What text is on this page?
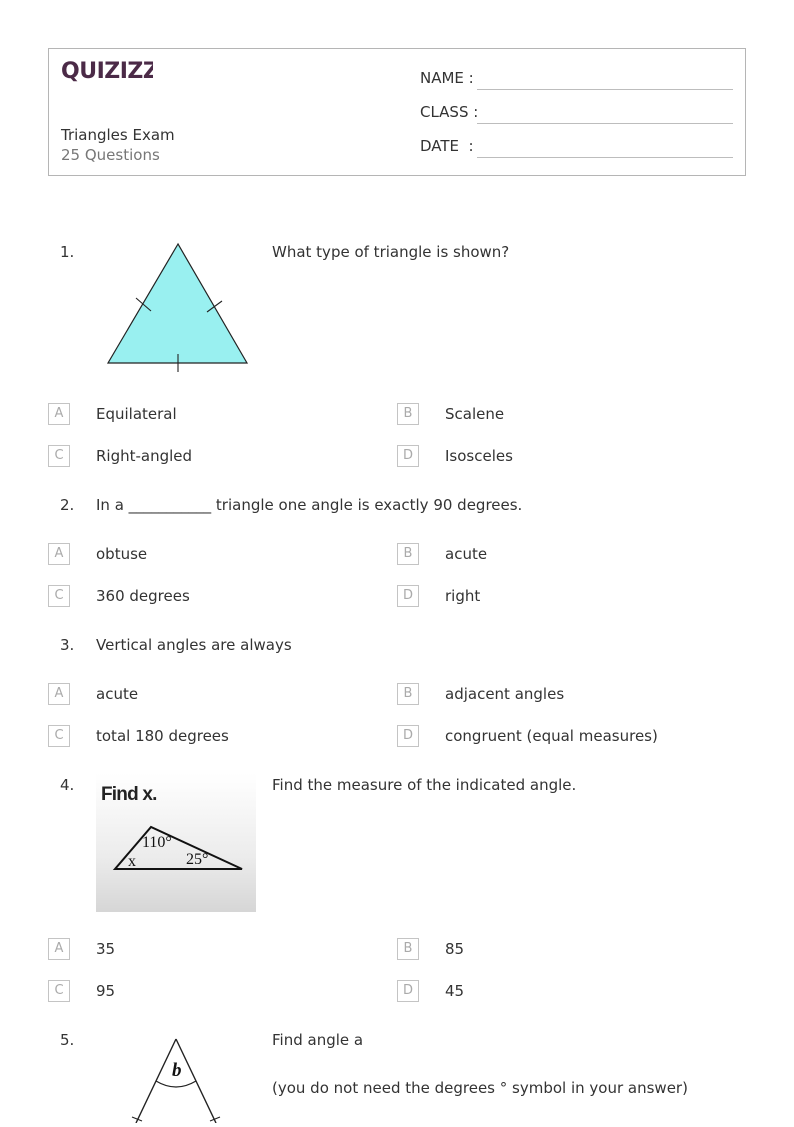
QUIZIZZ
Triangles Exam
25 Questions
NAME :
CLASS :
DATE  :
1.	What type of triangle is shown?
A	Equilateral	B	Scalene
C	Right-angled	D	Isosceles
2. In a ___________ triangle one angle is exactly 90 degrees.
A	obtuse	B	acute
C	360 degrees	D	right
3. Vertical angles are always
A	acute	B	adjacent angles
C	total 180 degrees	D	congruent (equal measures)
4. Find x.
110°
x	25°
Find the measure of the indicated angle.
A	35	B	85
C	95	D	45
5.
b
Find angle a
(you do not need the degrees ° symbol in your answer)
